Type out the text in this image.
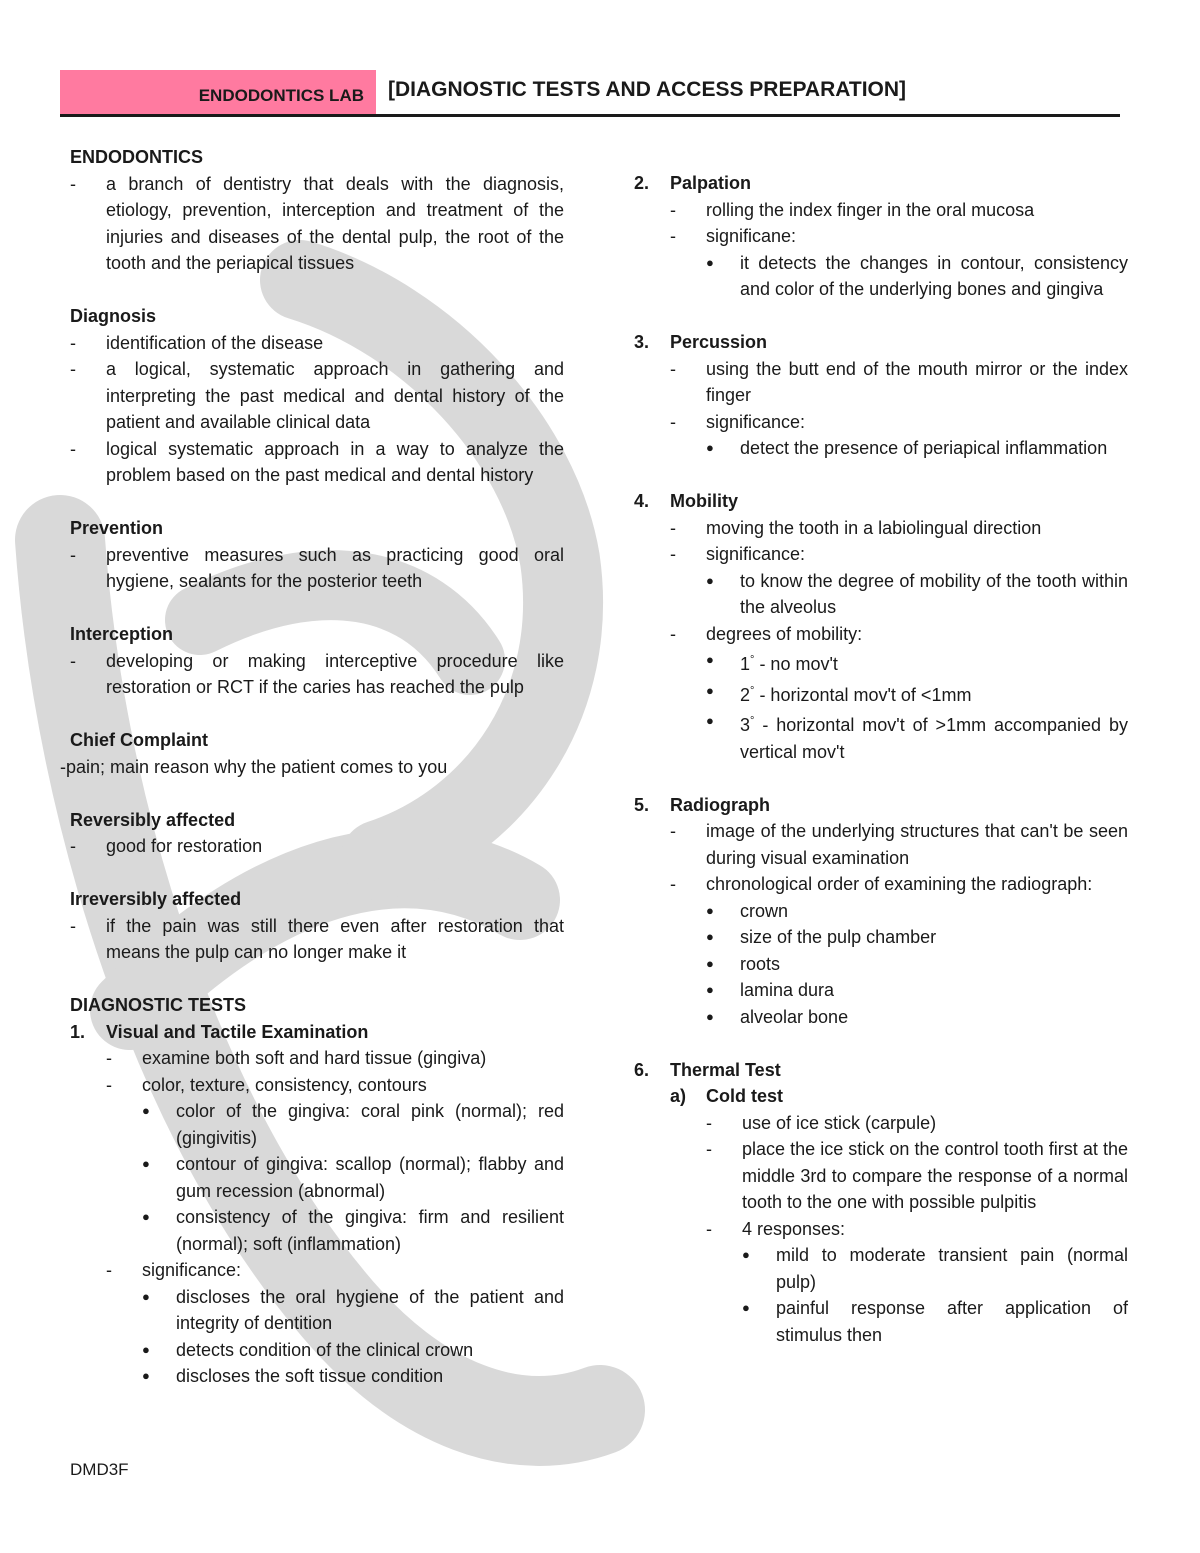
ENDODONTICS LAB	[DIAGNOSTIC TESTS AND ACCESS PREPARATION]
ENDODONTICS
-	a branch of dentistry that deals with the diagnosis, etiology, prevention, interception and treatment of the injuries and diseases of the dental pulp, the root of the tooth and the periapical tissues
Diagnosis
-	identification of the disease
-	a logical, systematic approach in gathering and interpreting the past medical and dental history of the patient and available clinical data
-	logical systematic approach in a way to analyze the problem based on the past medical and dental history
Prevention
-	preventive measures such as practicing good oral hygiene, sealants for the posterior teeth
Interception
-	developing or making interceptive procedure like restoration or RCT if the caries has reached the pulp
Chief Complaint
-pain; main reason why the patient comes to you
Reversibly affected
-	good for restoration
Irreversibly affected
-	if the pain was still there even after restoration that means the pulp can no longer make it
DIAGNOSTIC TESTS
1.	Visual and Tactile Examination
-	examine both soft and hard tissue (gingiva)
-	color, texture, consistency, contours
●	color of the gingiva: coral pink (normal); red (gingivitis)
●	contour of gingiva: scallop (normal); flabby and gum recession (abnormal)
●	consistency of the gingiva: firm and resilient (normal); soft (inflammation)
-	significance:
●	discloses the oral hygiene of the patient and integrity of dentition
●	detects condition of the clinical crown
●	discloses the soft tissue condition
2.	Palpation
-	rolling the index finger in the oral mucosa
-	significane:
●	it detects the changes in contour, consistency and color of the underlying bones and gingiva
3.	Percussion
-	using the butt end of the mouth mirror or the index finger
-	significance:
●	detect the presence of periapical inflammation
4.	Mobility
-	moving the tooth in a labiolingual direction
-	significance:
●	to know the degree of mobility of the tooth within the alveolus
-	degrees of mobility:
●	1° - no mov't
●	2° - horizontal mov't of <1mm
●	3° - horizontal mov't of >1mm accompanied by vertical mov't
5.	Radiograph
-	image of the underlying structures that can't be seen during visual examination
-	chronological order of examining the radiograph:
●	crown
●	size of the pulp chamber
●	roots
●	lamina dura
●	alveolar bone
6.	Thermal Test
a)	Cold test
-	use of ice stick (carpule)
-	place the ice stick on the control tooth first at the middle 3rd to compare the response of a normal tooth to the one with possible pulpitis
-	4 responses:
●	mild to moderate transient pain (normal pulp)
●	painful response after application of stimulus then
DMD3F
